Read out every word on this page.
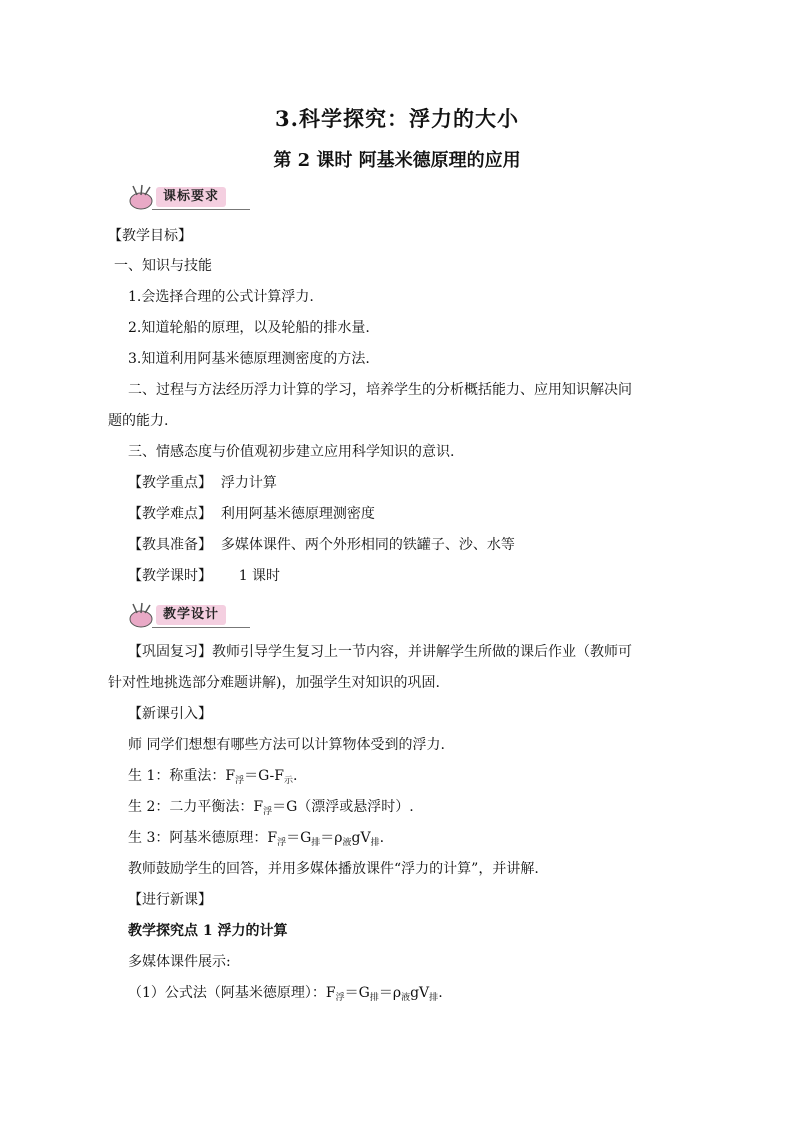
3.科学探究：浮力的大小
第 2 课时 阿基米德原理的应用
课标要求
【教学目标】
一、知识与技能
1.会选择合理的公式计算浮力.
2.知道轮船的原理，以及轮船的排水量.
3.知道利用阿基米德原理测密度的方法.
二、过程与方法经历浮力计算的学习，培养学生的分析概括能力、应用知识解决问
题的能力.
三、情感态度与价值观初步建立应用科学知识的意识.
【教学重点】 浮力计算
【教学难点】 利用阿基米德原理测密度
【教具准备】 多媒体课件、两个外形相同的铁罐子、沙、水等
【教学课时】 1 课时
教学设计
【巩固复习】教师引导学生复习上一节内容，并讲解学生所做的课后作业（教师可
针对性地挑选部分难题讲解)，加强学生对知识的巩固.
【新课引入】
师 同学们想想有哪些方法可以计算物体受到的浮力.
生 1：称重法：$F_浮=G-F_示$.
生 2：二力平衡法：$F_浮=G$（漂浮或悬浮时）.
生 3：阿基米德原理：$F_浮=G_排=\rho_液gV_排$.
教师鼓励学生的回答，并用多媒体播放课件“浮力的计算”，并讲解.
【进行新课】
教学探究点 1 浮力的计算
多媒体课件展示:
（1）公式法（阿基米德原理）：$F_浮=G_排=\rho_液gV_排$.
